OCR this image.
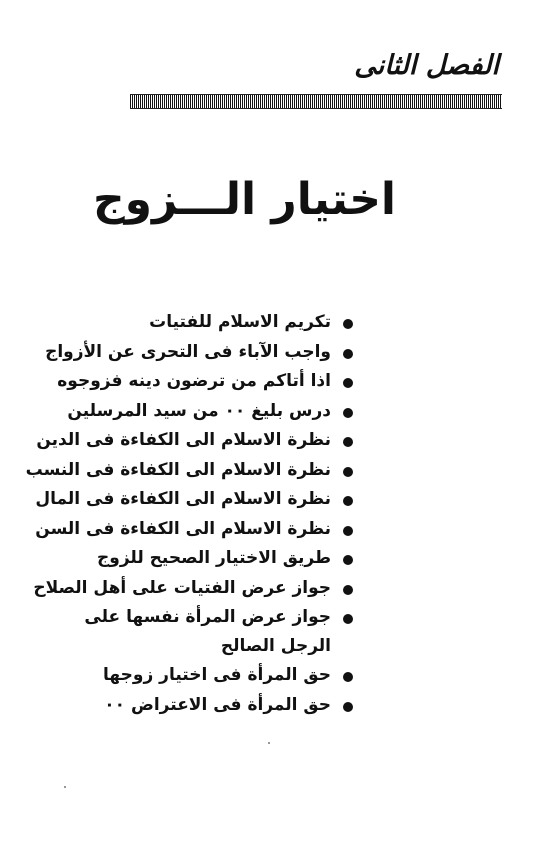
الفصل الثانى
اختيار الـــزوج
تكريم الاسلام للفتيات
واجب الآباء فى التحرى عن الأزواج
اذا أتاكم من ترضون دينه فزوجوه
درس بليغ ٠٠ من سيد المرسلين
نظرة الاسلام الى الكفاءة فى الدين
نظرة الاسلام الى الكفاءة فى النسب
نظرة الاسلام الى الكفاءة فى المال
نظرة الاسلام الى الكفاءة فى السن
طريق الاختيار الصحيح للزوج
جواز عرض الفتيات على أهل الصلاح
جواز عرض المرأة نفسها على الرجل الصالح
حق المرأة فى اختيار زوجها
حق المرأة فى الاعتراض ٠٠
